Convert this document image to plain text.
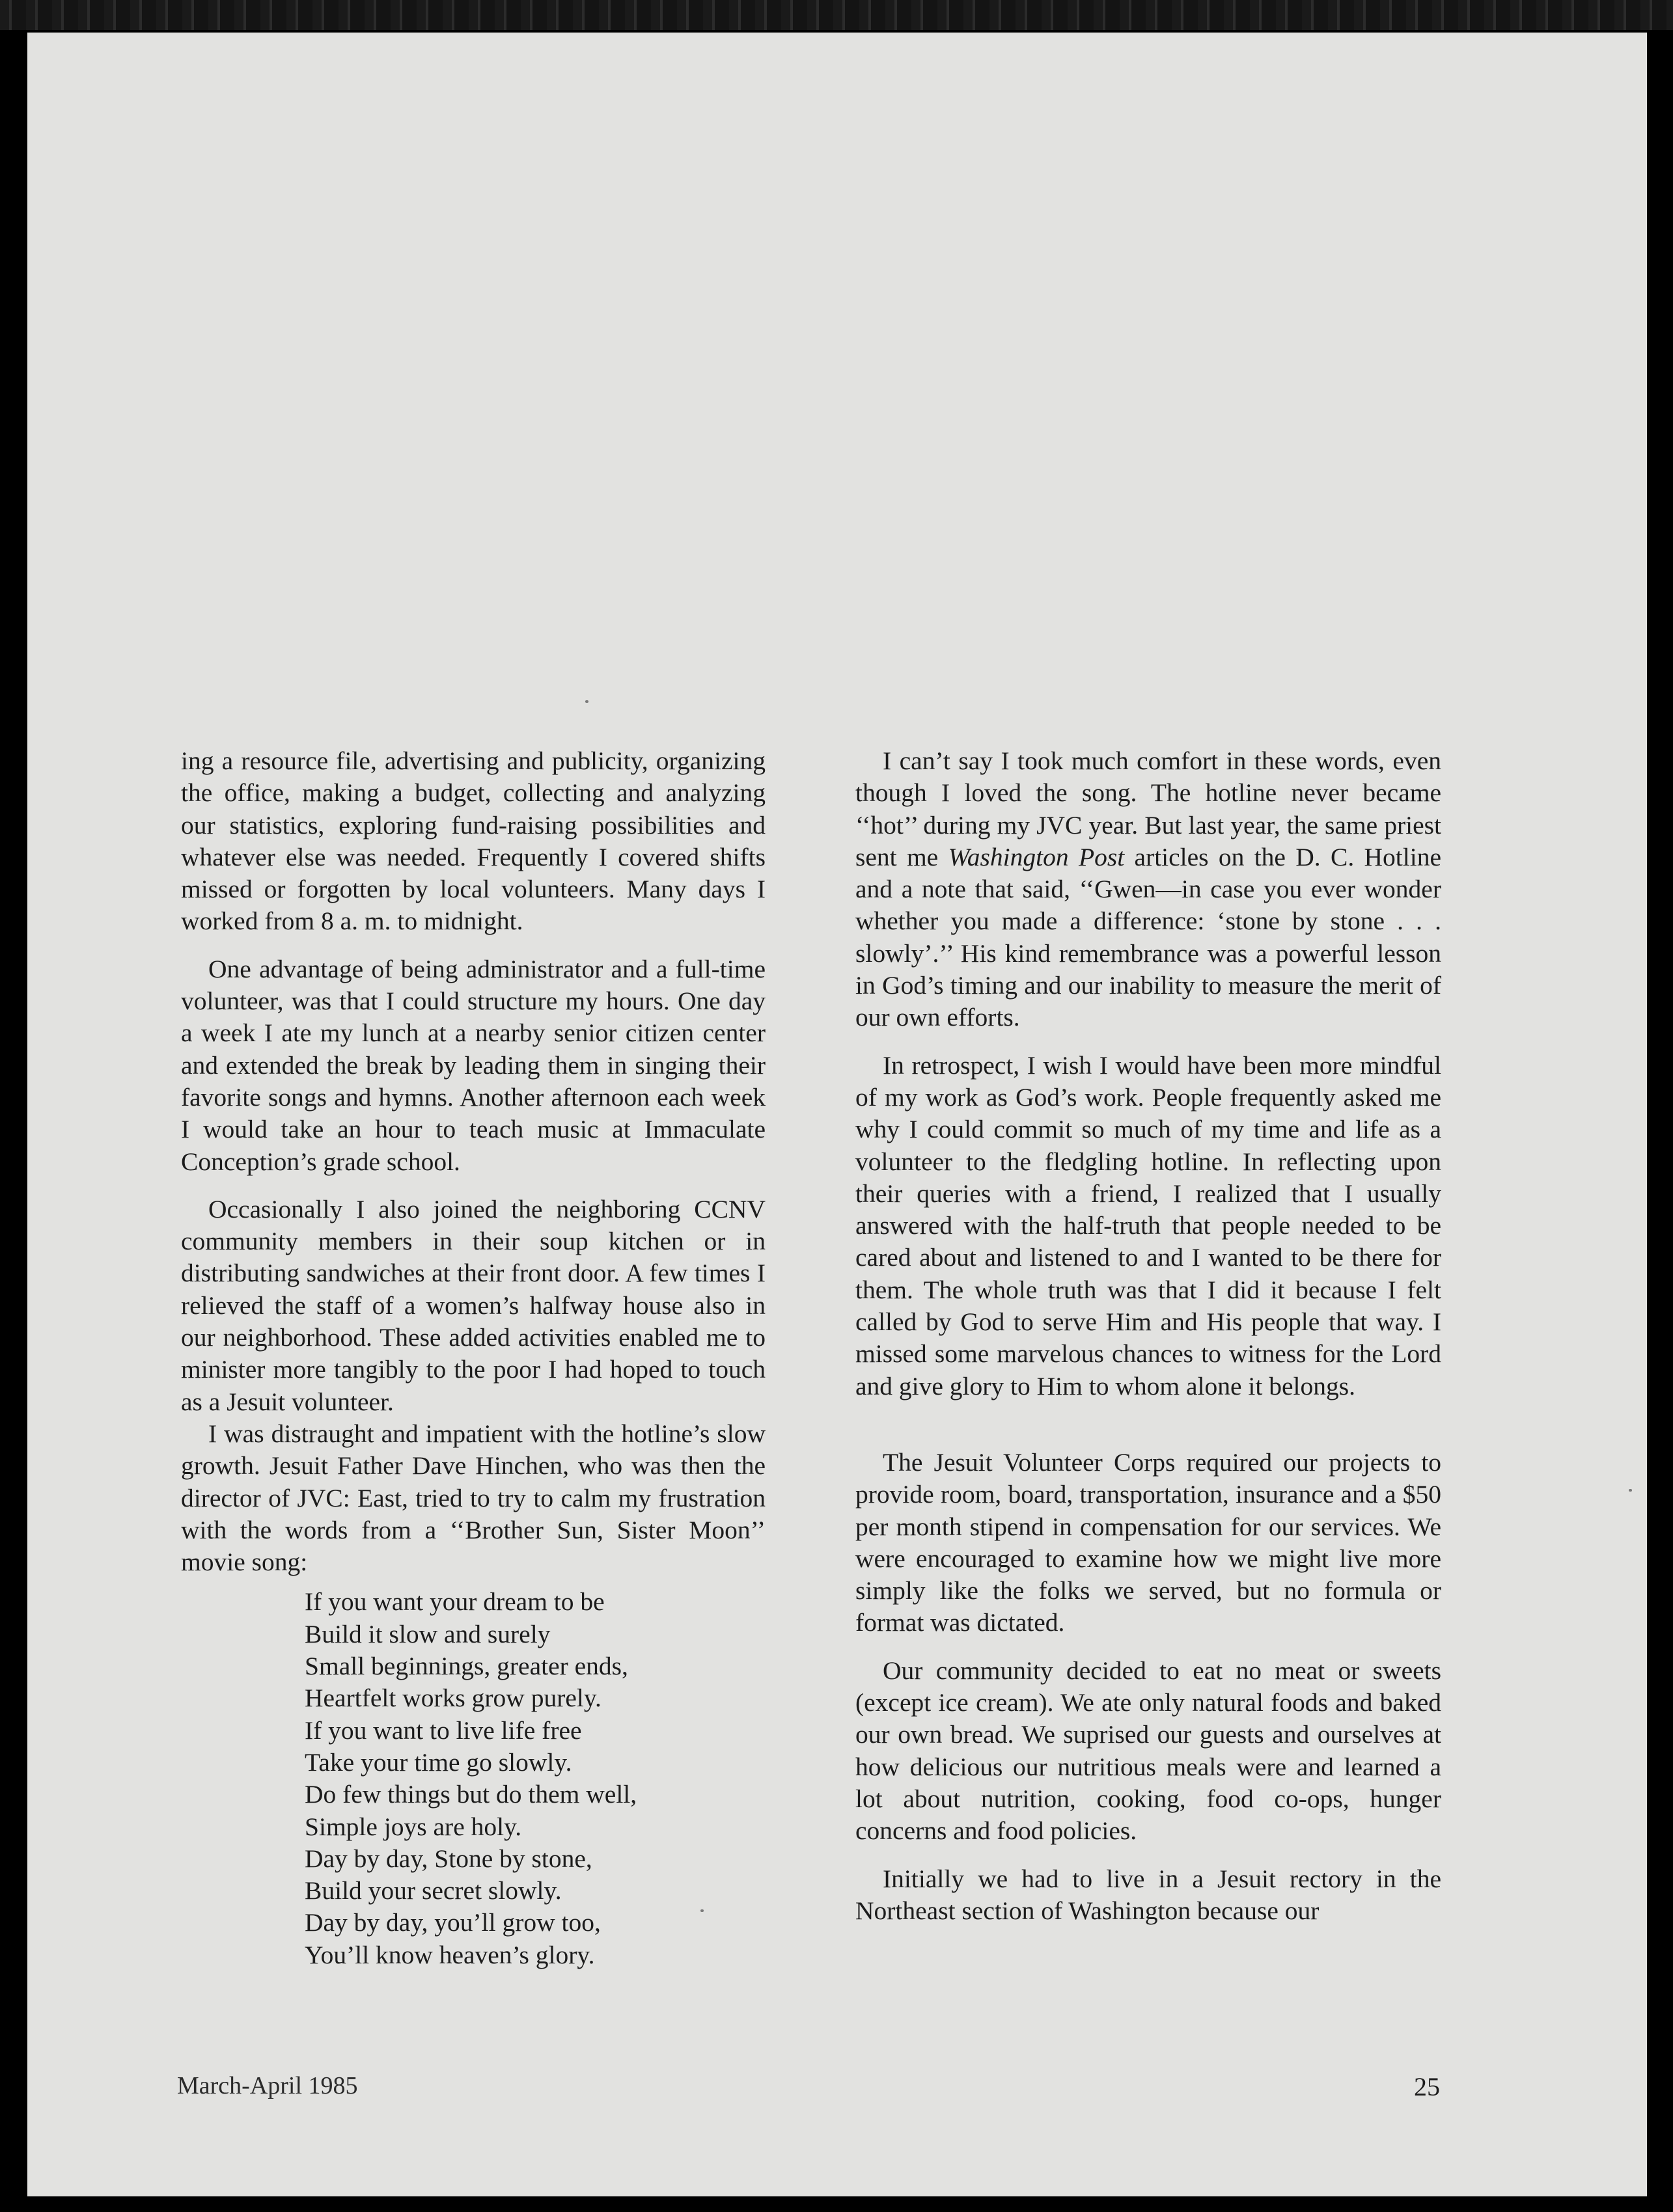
ing a resource file, advertising and publicity, organizing the office, making a budget, collecting and analyzing our statistics, exploring fund-raising possibilities and whatever else was needed. Frequently I covered shifts missed or forgotten by local volunteers. Many days I worked from 8 a. m. to midnight.

One advantage of being administrator and a full-time volunteer, was that I could structure my hours. One day a week I ate my lunch at a nearby senior citizen center and extended the break by leading them in singing their favorite songs and hymns. Another afternoon each week I would take an hour to teach music at Immaculate Conception’s grade school.

Occasionally I also joined the neighboring CCNV community members in their soup kitchen or in distributing sandwiches at their front door. A few times I relieved the staff of a women’s halfway house also in our neighborhood. These added activities enabled me to minister more tangibly to the poor I had hoped to touch as a Jesuit volunteer.

I was distraught and impatient with the hotline’s slow growth. Jesuit Father Dave Hinchen, who was then the director of JVC: East, tried to try to calm my frustration with the words from a ‘‘Brother Sun, Sister Moon’’ movie song:

If you want your dream to be
Build it slow and surely
Small beginnings, greater ends,
Heartfelt works grow purely.
If you want to live life free
Take your time go slowly.
Do few things but do them well,
Simple joys are holy.
Day by day, Stone by stone,
Build your secret slowly.
Day by day, you’ll grow too,
You’ll know heaven’s glory.

I can’t say I took much comfort in these words, even though I loved the song. The hotline never became ‘‘hot’’ during my JVC year. But last year, the same priest sent me Washington Post articles on the D. C. Hotline and a note that said, ‘‘Gwen—in case you ever wonder whether you made a difference: ‘stone by stone . . . slowly’.’’ His kind remembrance was a powerful lesson in God’s timing and our inability to measure the merit of our own efforts.

In retrospect, I wish I would have been more mindful of my work as God’s work. People frequently asked me why I could commit so much of my time and life as a volunteer to the fledgling hotline. In reflecting upon their queries with a friend, I realized that I usually answered with the half-truth that people needed to be cared about and listened to and I wanted to be there for them. The whole truth was that I did it because I felt called by God to serve Him and His people that way. I missed some marvelous chances to witness for the Lord and give glory to Him to whom alone it belongs.

The Jesuit Volunteer Corps required our projects to provide room, board, transportation, insurance and a $50 per month stipend in compensation for our services. We were encouraged to examine how we might live more simply like the folks we served, but no formula or format was dictated.

Our community decided to eat no meat or sweets (except ice cream). We ate only natural foods and baked our own bread. We suprised our guests and ourselves at how delicious our nutritious meals were and learned a lot about nutrition, cooking, food co-ops, hunger concerns and food policies.

Initially we had to live in a Jesuit rectory in the Northeast section of Washington because our

March-April 1985	25
